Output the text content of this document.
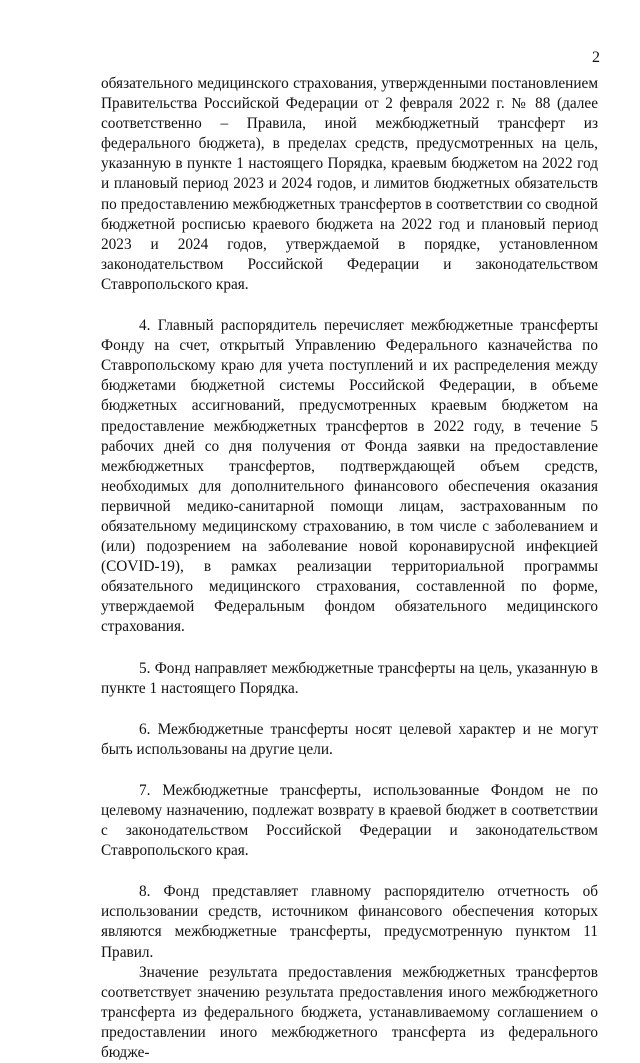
2

обязательного медицинского страхования, утвержденными постановлением Правительства Российской Федерации от 2 февраля 2022 г. № 88 (далее соответственно – Правила, иной межбюджетный трансферт из федерального бюджета), в пределах средств, предусмотренных на цель, указанную в пункте 1 настоящего Порядка, краевым бюджетом на 2022 год и плановый период 2023 и 2024 годов, и лимитов бюджетных обязательств по предоставлению межбюджетных трансфертов в соответствии со сводной бюджетной росписью краевого бюджета на 2022 год и плановый период 2023 и 2024 годов, утверждаемой в порядке, установленном законодательством Российской Федерации и законодательством Ставропольского края.

4. Главный распорядитель перечисляет межбюджетные трансферты Фонду на счет, открытый Управлению Федерального казначейства по Ставропольскому краю для учета поступлений и их распределения между бюджетами бюджетной системы Российской Федерации, в объеме бюджетных ассигнований, предусмотренных краевым бюджетом на предоставление межбюджетных трансфертов в 2022 году, в течение 5 рабочих дней со дня получения от Фонда заявки на предоставление межбюджетных трансфертов, подтверждающей объем средств, необходимых для дополнительного финансового обеспечения оказания первичной медико-санитарной помощи лицам, застрахованным по обязательному медицинскому страхованию, в том числе с заболеванием и (или) подозрением на заболевание новой коронавирусной инфекцией (COVID-19), в рамках реализации территориальной программы обязательного медицинского страхования, составленной по форме, утверждаемой Федеральным фондом обязательного медицинского страхования.

5. Фонд направляет межбюджетные трансферты на цель, указанную в пункте 1 настоящего Порядка.

6. Межбюджетные трансферты носят целевой характер и не могут быть использованы на другие цели.

7. Межбюджетные трансферты, использованные Фондом не по целевому назначению, подлежат возврату в краевой бюджет в соответствии с законодательством Российской Федерации и законодательством Ставропольского края.

8. Фонд представляет главному распорядителю отчетность об использовании средств, источником финансового обеспечения которых являются межбюджетные трансферты, предусмотренную пунктом 11 Правил.

Значение результата предоставления межбюджетных трансфертов соответствует значению результата предоставления иного межбюджетного трансферта из федерального бюджета, устанавливаемому соглашением о предоставлении иного межбюджетного трансферта из федерального бюдже-
